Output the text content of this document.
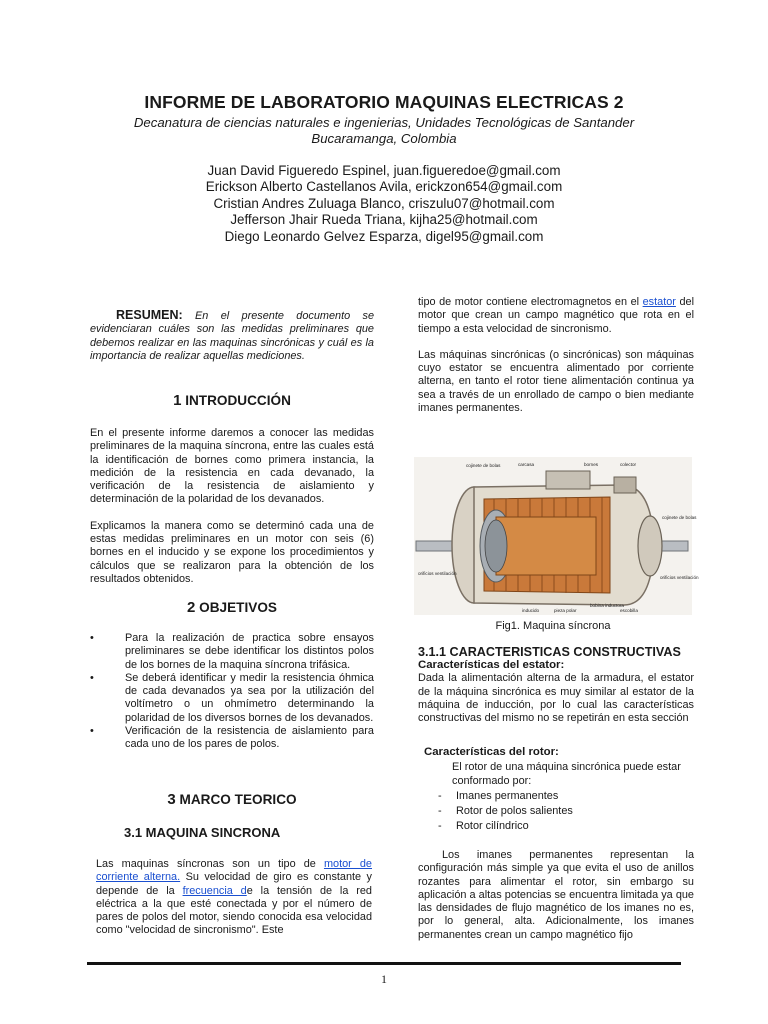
INFORME DE LABORATORIO MAQUINAS ELECTRICAS 2
Decanatura de ciencias naturales e ingenierias, Unidades Tecnológicas de Santander
Bucaramanga, Colombia
Juan David Figueredo Espinel, juan.figueredoe@gmail.com
Erickson Alberto Castellanos Avila, erickzon654@gmail.com
Cristian Andres Zuluaga Blanco, criszulu07@hotmail.com
Jefferson Jhair Rueda Triana, kijha25@hotmail.com
Diego Leonardo Gelvez Esparza, digel95@gmail.com

RESUMEN: En el presente documento se evidenciaran cuáles son las medidas preliminares que debemos realizar en las maquinas sincrónicas y cuál es la importancia de realizar aquellas mediciones.

1 INTRODUCCIÓN

En el presente informe daremos a conocer las medidas preliminares de la maquina síncrona, entre las cuales está la identificación de bornes como primera instancia, la medición de la resistencia en cada devanado, la verificación de la resistencia de aislamiento y determinación de la polaridad de los devanados.

Explicamos la manera como se determinó cada una de estas medidas preliminares en un motor con seis (6) bornes en el inducido y se expone los procedimientos y cálculos que se realizaron para la obtención de los resultados obtenidos.

2 OBJETIVOS
•	Para la realización de practica sobre ensayos preliminares se debe identificar los distintos polos de los bornes de la maquina síncrona trifásica.
•	Se deberá identificar y medir la resistencia óhmica de cada devanados ya sea por la utilización del voltímetro o un ohmímetro determinando la polaridad de los diversos bornes de los devanados.
•	Verificación de la resistencia de aislamiento para cada uno de los pares de polos.
3 MARCO TEORICO
3.1 MAQUINA SINCRONA

Las maquinas síncronas son un tipo de motor de corriente alterna. Su velocidad de giro es constante y depende de la frecuencia de la tensión de la red eléctrica a la que esté conectada y por el número de pares de polos del motor, siendo conocida esa velocidad como "velocidad de sincronismo". Este

tipo de motor contiene electromagnetos en el estator del motor que crean un campo magnético que rota en el tiempo a esta velocidad de sincronismo.

Las máquinas sincrónicas (o sincrónicas) son máquinas cuyo estator se encuentra alimentado por corriente alterna, en tanto el rotor tiene alimentación continua ya sea a través de un enrollado de campo o bien mediante imanes permanentes.

cojinete de bolas	carcasa	bornes	colector
cojinete de bolas
orificios ventilación
orificios ventilación
inducido	pieza polar
bobina inductora
escobilla
Fig1. Maquina síncrona
3.1.1 CARACTERISTICAS CONSTRUCTIVAS

Características del estator:

Dada la alimentación alterna de la armadura, el estator de la máquina sincrónica es muy similar al estator de la máquina de inducción, por lo cual las características constructivas del mismo no se repetirán en esta sección

Características del rotor:

El rotor de una máquina sincrónica puede estar

conformado por:

- Imanes permanentes
- Rotor de polos salientes
- Rotor cilíndrico

Los imanes permanentes representan la configuración más simple ya que evita el uso de anillos rozantes para alimentar el rotor, sin embargo su aplicación a altas potencias se encuentra limitada ya que las densidades de flujo magnético de los imanes no es, por lo general, alta. Adicionalmente, los imanes permanentes crean un campo magnético fijo

1
